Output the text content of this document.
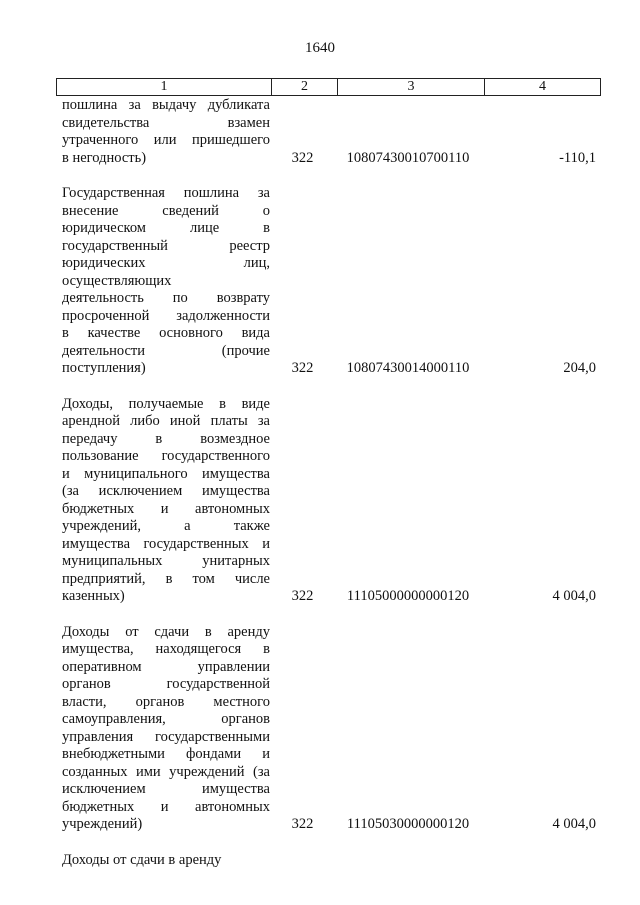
1640
1	2	3	4
пошлина за выдачу дубликата
свидетельства взамен
утраченного или пришедшего
в негодность)	322	10807430010700110	-110,1
Государственная пошлина за
внесение сведений о
юридическом лице в
государственный реестр
юридических лиц,
осуществляющих
деятельность по возврату
просроченной задолженности
в качестве основного вида
деятельности (прочие
поступления)	322	10807430014000110	204,0
Доходы, получаемые в виде
арендной либо иной платы за
передачу в возмездное
пользование государственного
и муниципального имущества
(за исключением имущества
бюджетных и автономных
учреждений, а также
имущества государственных и
муниципальных унитарных
предприятий, в том числе
казенных)	322	11105000000000120	4 004,0
Доходы от сдачи в аренду
имущества, находящегося в
оперативном управлении
органов государственной
власти, органов местного
самоуправления, органов
управления государственными
внебюджетными фондами и
созданных ими учреждений (за
исключением имущества
бюджетных и автономных
учреждений)	322	11105030000000120	4 004,0
Доходы от сдачи в аренду
